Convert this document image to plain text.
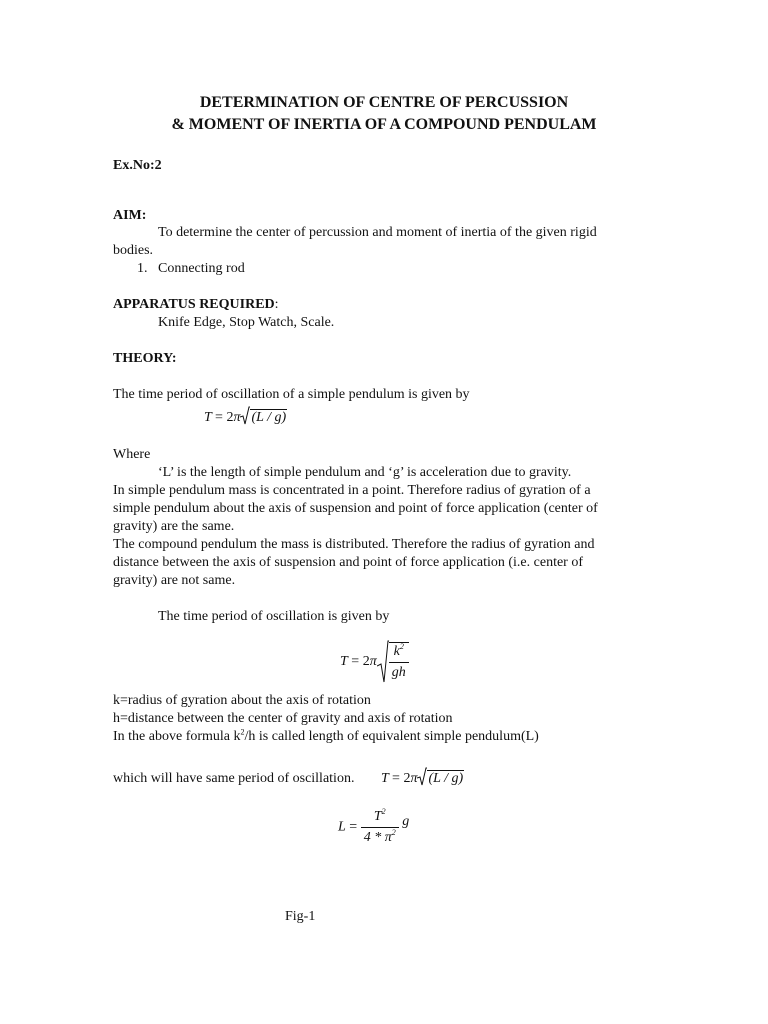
DETERMINATION OF CENTRE OF PERCUSSION
& MOMENT OF INERTIA OF A COMPOUND PENDULAM
Ex.No:2
AIM:
To determine the center of percussion and moment of inertia of the given rigid
bodies.
1. Connecting rod
APPARATUS REQUIRED:
Knife Edge, Stop Watch, Scale.
THEORY:
The time period of oscillation of a simple pendulum is given by
T = 2π (L / g)
Where
‘L’ is the length of simple pendulum and ‘g’ is acceleration due to gravity.
In simple pendulum mass is concentrated in a point. Therefore radius of gyration of a
simple pendulum about the axis of suspension and point of force application (center of
gravity) are the same.
The compound pendulum the mass is distributed. Therefore the radius of gyration and
distance between the axis of suspension and point of force application (i.e. center of
gravity) are not same.
The time period of oscillation is given by
$T = 2\pi \frac{k^2}{gh}$
k=radius of gyration about the axis of rotation
h=distance between the center of gravity and axis of rotation
In the above formula $k^2/h$ is called length of equivalent simple pendulum(L)
which will have same period of oscillation. T = 2π (L / g)
$L = \frac{T^2}{4 * \pi^2}$ g
Fig-1
